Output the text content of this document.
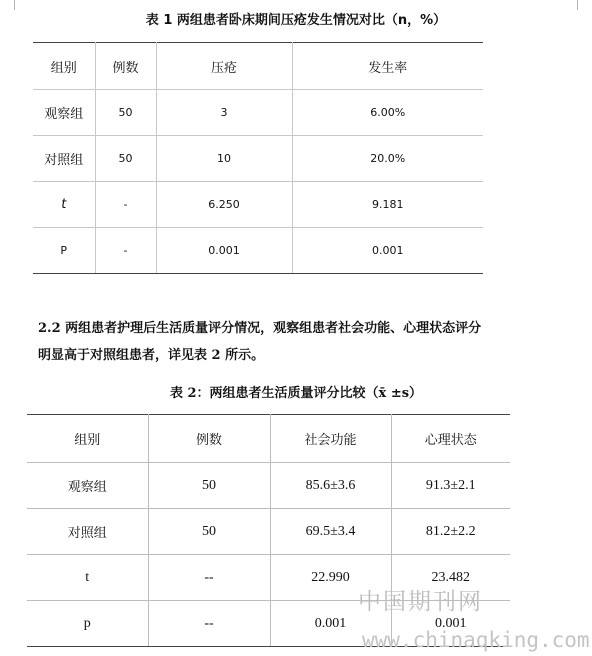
表 1 两组患者卧床期间压疮发生情况对比（n，%）
组别	例数	压疮	发生率
观察组	50	3	6.00%
对照组	50	10	20.0%
t	-	6.250	9.181
P	-	0.001	0.001
2.2 两组患者护理后生活质量评分情况，观察组患者社会功能、心理状态评分
明显高于对照组患者，详见表 2 所示。
表 2：两组患者生活质量评分比较（x̄ ±s）
组别	例数	社会功能	心理状态
观察组	50	85.6±3.6	91.3±2.1
对照组	50	69.5±3.4	81.2±2.2
t	--	22.990	23.482
p	--	0.001	0.001
中国期刊网
www.chinaqking.com
